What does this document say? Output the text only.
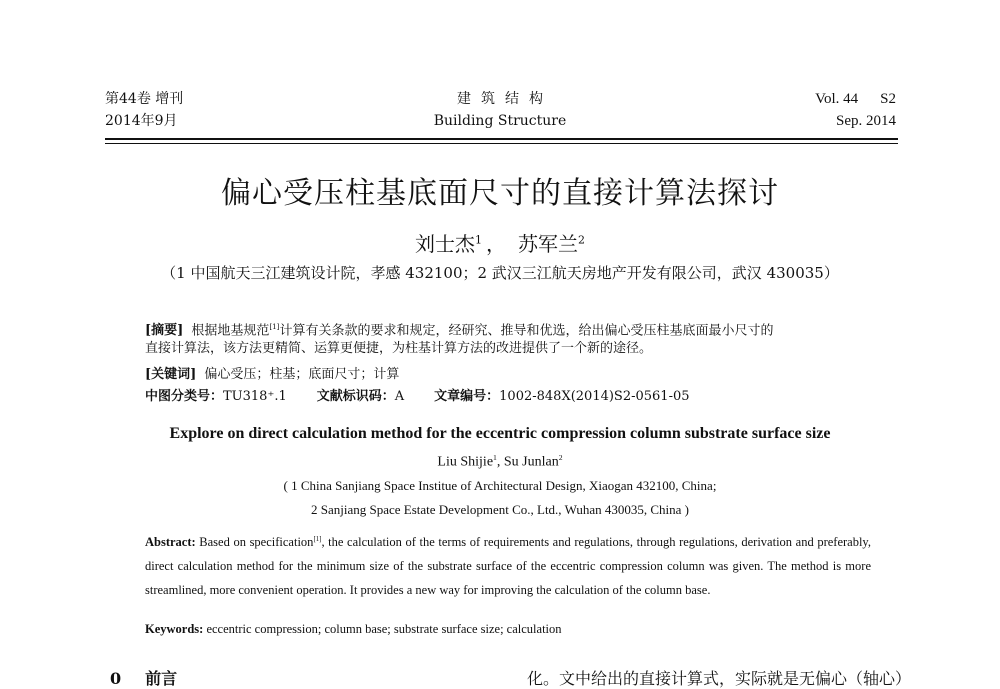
第44卷 增刊
2014年9月
建筑结构
Building Structure
Vol. 44 S2
Sep. 2014
偏心受压柱基底面尺寸的直接计算法探讨
刘士杰$^1$ ， 苏军兰$^2$
（1 中国航天三江建筑设计院，孝感 432100；2 武汉三江航天房地产开发有限公司，武汉 430035）
[摘要] 根据地基规范[1]计算有关条款的要求和规定，经研究、推导和优选，给出偏心受压柱基底面最小尺寸的
直接计算法，该方法更精简、运算更便捷，为柱基计算方法的改进提供了一个新的途径。
[关键词] 偏心受压；柱基；底面尺寸；计算
中图分类号：TU318⁺.1 文献标识码：A 文章编号：1002-848X(2014)S2-0561-05
Explore on direct calculation method for the eccentric compression column substrate surface size
Liu Shijie$^1$, Su Junlan$^2$
( 1 China Sanjiang Space Institue of Architectural Design, Xiaogan 432100, China;
2 Sanjiang Space Estate Development Co., Ltd., Wuhan 430035, China )
Abstract: Based on specification[1], the calculation of the terms of requirements and regulations, through regulations, derivation and preferably, direct calculation method for the minimum size of the substrate surface of the eccentric compression column was given. The method is more streamlined, more convenient operation. It provides a new way for improving the calculation of the column base.
Keywords: eccentric compression; column base; substrate surface size; calculation
0 前言	化。文中给出的直接计算式，实际就是无偏心（轴心）
